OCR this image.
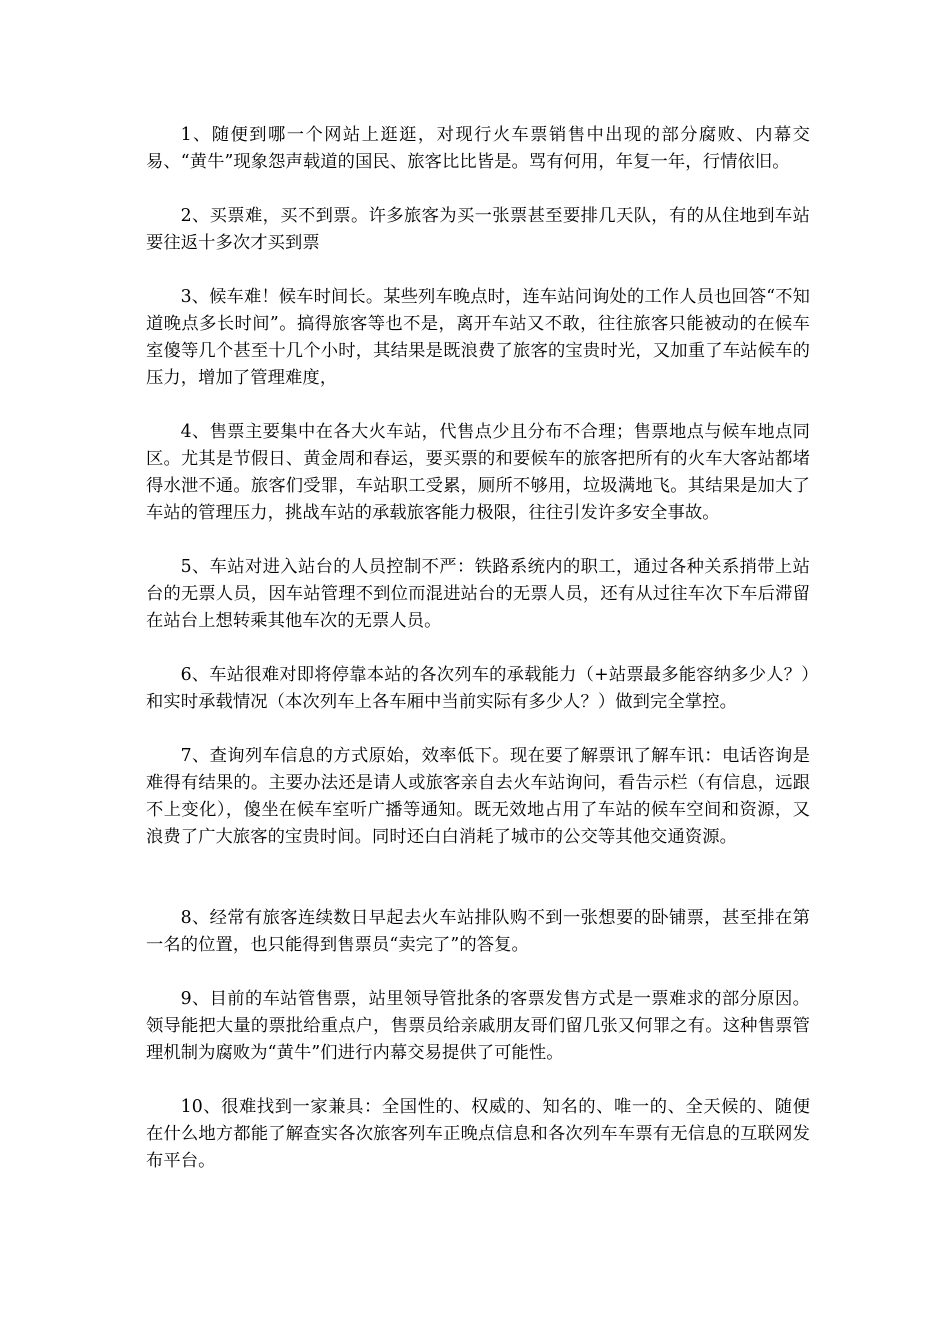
1、随便到哪一个网站上逛逛，对现行火车票销售中出现的部分腐败、内幕交易、“黄牛”现象怨声载道的国民、旅客比比皆是。骂有何用，年复一年，行情依旧。

2、买票难，买不到票。许多旅客为买一张票甚至要排几天队，有的从住地到车站要往返十多次才买到票

3、候车难！候车时间长。某些列车晚点时，连车站问询处的工作人员也回答“不知道晚点多长时间”。搞得旅客等也不是，离开车站又不敢，往往旅客只能被动的在候车室傻等几个甚至十几个小时，其结果是既浪费了旅客的宝贵时光，又加重了车站候车的压力，增加了管理难度，

4、售票主要集中在各大火车站，代售点少且分布不合理；售票地点与候车地点同区。尤其是节假日、黄金周和春运，要买票的和要候车的旅客把所有的火车大客站都堵得水泄不通。旅客们受罪，车站职工受累，厕所不够用，垃圾满地飞。其结果是加大了车站的管理压力，挑战车站的承载旅客能力极限，往往引发许多安全事故。

5、车站对进入站台的人员控制不严：铁路系统内的职工，通过各种关系捎带上站台的无票人员，因车站管理不到位而混进站台的无票人员，还有从过往车次下车后滞留在站台上想转乘其他车次的无票人员。

6、车站很难对即将停靠本站的各次列车的承载能力（+站票最多能容纳多少人？）和实时承载情况（本次列车上各车厢中当前实际有多少人？）做到完全掌控。

7、查询列车信息的方式原始，效率低下。现在要了解票讯了解车讯：电话咨询是难得有结果的。主要办法还是请人或旅客亲自去火车站询问，看告示栏（有信息，远跟不上变化），傻坐在候车室听广播等通知。既无效地占用了车站的候车空间和资源，又浪费了广大旅客的宝贵时间。同时还白白消耗了城市的公交等其他交通资源。

8、经常有旅客连续数日早起去火车站排队购不到一张想要的卧铺票，甚至排在第一名的位置，也只能得到售票员“卖完了”的答复。

9、目前的车站管售票，站里领导管批条的客票发售方式是一票难求的部分原因。领导能把大量的票批给重点户，售票员给亲戚朋友哥们留几张又何罪之有。这种售票管理机制为腐败为“黄牛”们进行内幕交易提供了可能性。

10、很难找到一家兼具：全国性的、权威的、知名的、唯一的、全天候的、随便在什么地方都能了解查实各次旅客列车正晚点信息和各次列车车票有无信息的互联网发布平台。
